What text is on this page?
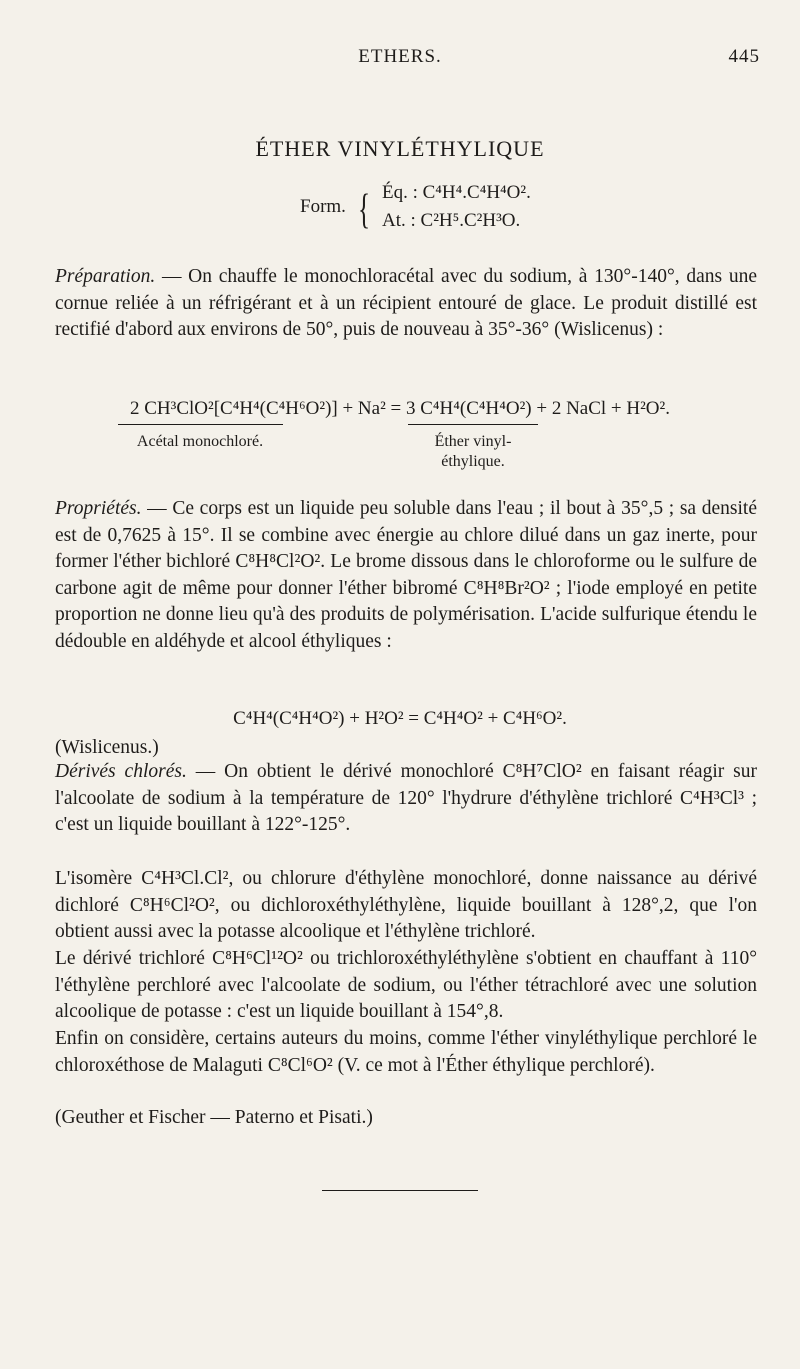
ETHERS.	445
ÉTHER VINYLÉTHYLIQUE
Form. { Éq. : C⁴H⁴.C⁴H⁴O².
At. : C²H⁵.C²H³O.

Préparation. — On chauffe le monochloracétal avec du sodium, à 130°-140°, dans une cornue reliée à un réfrigérant et à un récipient entouré de glace. Le produit distillé est rectifié d'abord aux environs de 50°, puis de nouveau à 35°-36° (Wislicenus) :

2 CH³ClO²[C⁴H⁴(C⁴H⁶O²)] + Na² = 3 C⁴H⁴(C⁴H⁴O²) + 2 NaCl + H²O².
Acétal monochloré.	Éther vinyl-
éthylique.

Propriétés. — Ce corps est un liquide peu soluble dans l'eau ; il bout à 35°,5 ; sa densité est de 0,7625 à 15°. Il se combine avec énergie au chlore dilué dans un gaz inerte, pour former l'éther bichloré C⁸H⁸Cl²O². Le brome dissous dans le chloroforme ou le sulfure de carbone agit de même pour donner l'éther bibromé C⁸H⁸Br²O² ; l'iode employé en petite proportion ne donne lieu qu'à des produits de polymérisation. L'acide sulfurique étendu le dédouble en aldéhyde et alcool éthyliques :

C⁴H⁴(C⁴H⁴O²) + H²O² = C⁴H⁴O² + C⁴H⁶O².
(Wislicenus.)

Dérivés chlorés. — On obtient le dérivé monochloré C⁸H⁷ClO² en faisant réagir sur l'alcoolate de sodium à la température de 120° l'hydrure d'éthylène trichloré C⁴H³Cl³ ; c'est un liquide bouillant à 122°-125°.

L'isomère C⁴H³Cl.Cl², ou chlorure d'éthylène monochloré, donne naissance au dérivé dichloré C⁸H⁶Cl²O², ou dichloroxéthyléthylène, liquide bouillant à 128°,2, que l'on obtient aussi avec la potasse alcoolique et l'éthylène trichloré.
Le dérivé trichloré C⁸H⁶Cl¹²O² ou trichloroxéthyléthylène s'obtient en chauffant à 110° l'éthylène perchloré avec l'alcoolate de sodium, ou l'éther tétrachloré avec une solution alcoolique de potasse : c'est un liquide bouillant à 154°,8.
Enfin on considère, certains auteurs du moins, comme l'éther vinyléthylique perchloré le chloroxéthose de Malaguti C⁸Cl⁶O² (V. ce mot à l'Éther éthylique perchloré).
(Geuther et Fischer — Paterno et Pisati.)
